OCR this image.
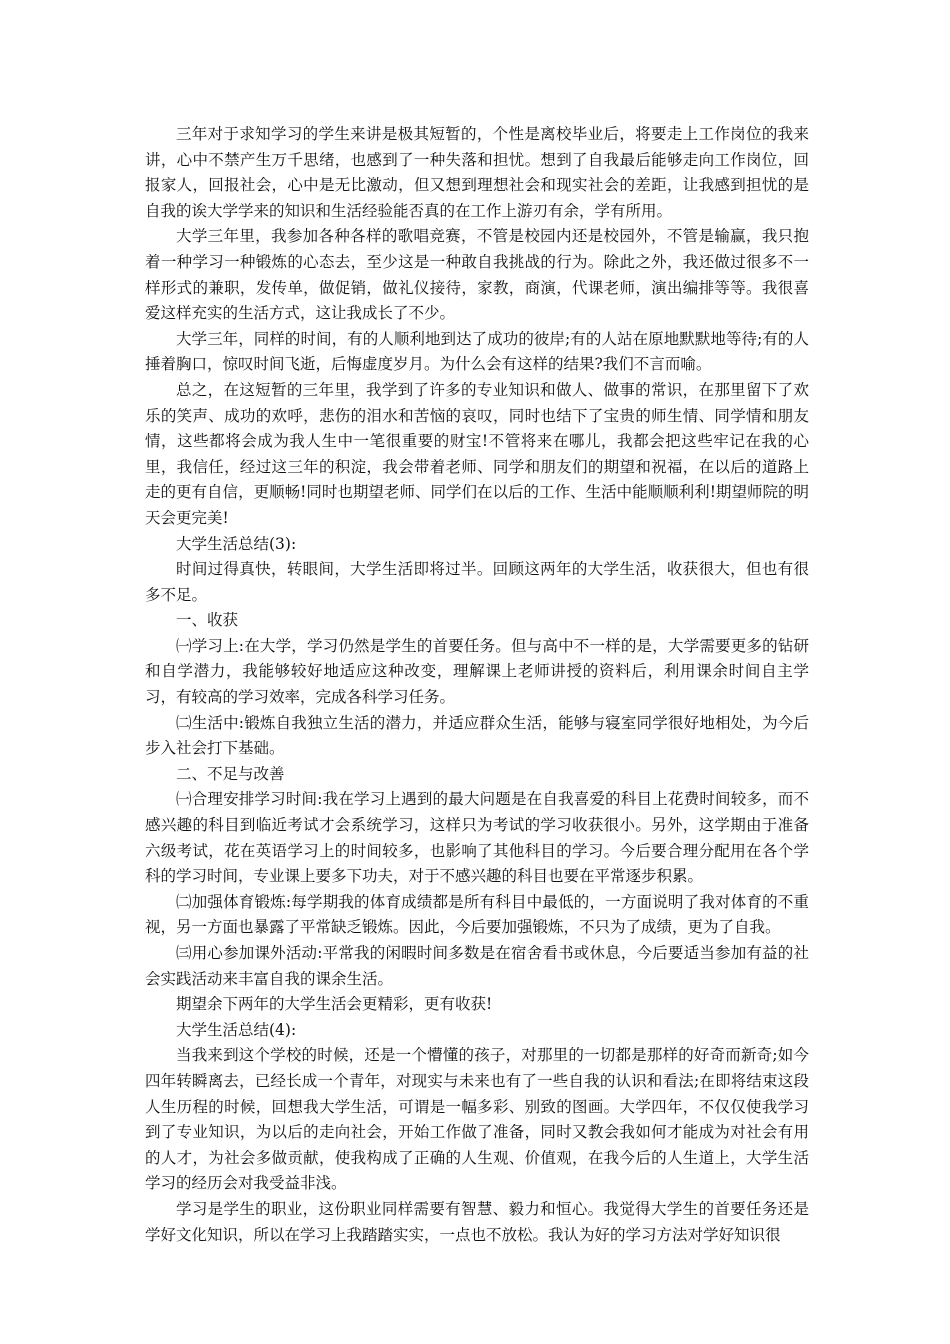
三年对于求知学习的学生来讲是极其短暂的，个性是离校毕业后，将要走上工作岗位的我来讲，心中不禁产生万千思绪，也感到了一种失落和担忧。想到了自我最后能够走向工作岗位，回报家人，回报社会，心中是无比激动，但又想到理想社会和现实社会的差距，让我感到担忧的是自我的诶大学学来的知识和生活经验能否真的在工作上游刃有余，学有所用。

大学三年里，我参加各种各样的歌唱竞赛，不管是校园内还是校园外，不管是输赢，我只抱着一种学习一种锻炼的心态去，至少这是一种敢自我挑战的行为。除此之外，我还做过很多不一样形式的兼职，发传单，做促销，做礼仪接待，家教，商演，代课老师，演出编排等等。我很喜爱这样充实的生活方式，这让我成长了不少。

大学三年，同样的时间，有的人顺利地到达了成功的彼岸;有的人站在原地默默地等待;有的人捶着胸口，惊叹时间飞逝，后悔虚度岁月。为什么会有这样的结果?我们不言而喻。

总之，在这短暂的三年里，我学到了许多的专业知识和做人、做事的常识，在那里留下了欢乐的笑声、成功的欢呼，悲伤的泪水和苦恼的哀叹，同时也结下了宝贵的师生情、同学情和朋友情，这些都将会成为我人生中一笔很重要的财宝!不管将来在哪儿，我都会把这些牢记在我的心里，我信任，经过这三年的积淀，我会带着老师、同学和朋友们的期望和祝福，在以后的道路上走的更有自信，更顺畅!同时也期望老师、同学们在以后的工作、生活中能顺顺利利!期望师院的明天会更完美!

大学生活总结(3):

时间过得真快，转眼间，大学生活即将过半。回顾这两年的大学生活，收获很大，但也有很多不足。

一、收获

㈠学习上:在大学，学习仍然是学生的首要任务。但与高中不一样的是，大学需要更多的钻研和自学潜力，我能够较好地适应这种改变，理解课上老师讲授的资料后，利用课余时间自主学习，有较高的学习效率，完成各科学习任务。

㈡生活中:锻炼自我独立生活的潜力，并适应群众生活，能够与寝室同学很好地相处，为今后步入社会打下基础。

二、不足与改善

㈠合理安排学习时间:我在学习上遇到的最大问题是在自我喜爱的科目上花费时间较多，而不感兴趣的科目到临近考试才会系统学习，这样只为考试的学习收获很小。另外，这学期由于准备六级考试，花在英语学习上的时间较多，也影响了其他科目的学习。今后要合理分配用在各个学科的学习时间，专业课上要多下功夫，对于不感兴趣的科目也要在平常逐步积累。

㈡加强体育锻炼:每学期我的体育成绩都是所有科目中最低的，一方面说明了我对体育的不重视，另一方面也暴露了平常缺乏锻炼。因此，今后要加强锻炼，不只为了成绩，更为了自我。

㈢用心参加课外活动:平常我的闲暇时间多数是在宿舍看书或休息，今后要适当参加有益的社会实践活动来丰富自我的课余生活。

期望余下两年的大学生活会更精彩，更有收获!

大学生活总结(4):

当我来到这个学校的时候，还是一个懵懂的孩子，对那里的一切都是那样的好奇而新奇;如今四年转瞬离去，已经长成一个青年，对现实与未来也有了一些自我的认识和看法;在即将结束这段人生历程的时候，回想我大学生活，可谓是一幅多彩、别致的图画。大学四年，不仅仅使我学习到了专业知识，为以后的走向社会，开始工作做了准备，同时又教会我如何才能成为对社会有用的人才，为社会多做贡献，使我构成了正确的人生观、价值观，在我今后的人生道上，大学生活学习的经历会对我受益非浅。

学习是学生的职业，这份职业同样需要有智慧、毅力和恒心。我觉得大学生的首要任务还是学好文化知识，所以在学习上我踏踏实实，一点也不放松。我认为好的学习方法对学好知识很
